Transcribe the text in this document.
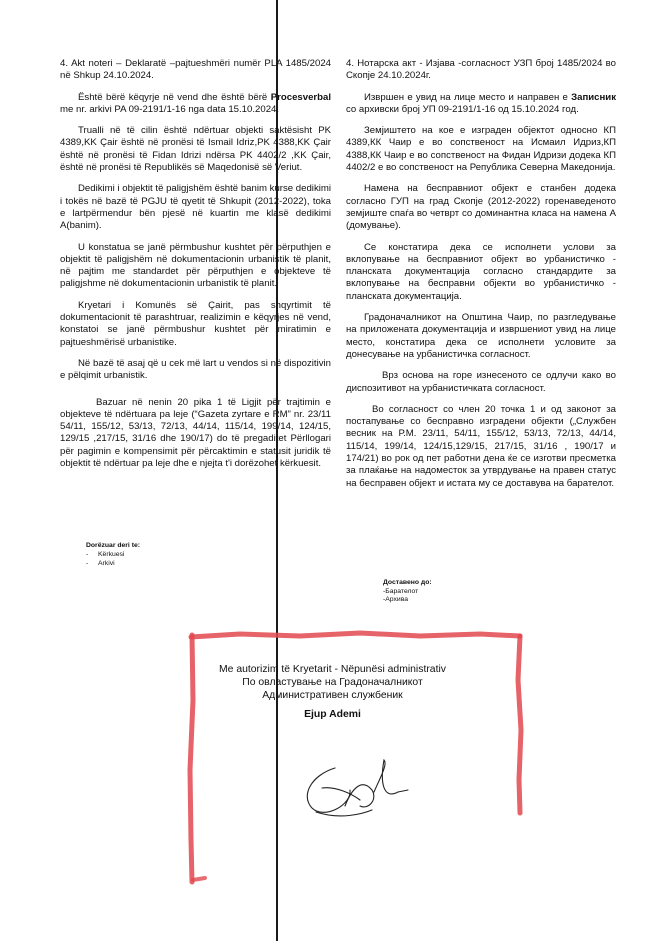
4. Akt noteri – Deklaratë –pajtueshmëri numër PLA 1485/2024 në Shkup 24.10.2024.

Është bërë këqyrje në vend dhe është bërë Procesverbal me nr. arkivi PA 09-2191/1-16 nga data 15.10.2024.

Trualli në të cilin është ndërtuar objekti saktësisht PK 4389,KK Çair është në pronësi të Ismail Idriz,PK 4388,KK Çair është në pronësi të Fidan Idrizi ndërsa PK 4402/2 ,KK Çair, është në pronësi të Republikës së Maqedonisë së Veriut.

Dedikimi i objektit të paligjshëm është banim kurse dedikimi i tokës në bazë të PGJU të qyetit të Shkupit (2012-2022), toka e lartpërmendur bën pjesë në kuartin me klasë dedikimi A(banim).

U konstatua se janë përmbushur kushtet për përputhjen e objektit të paligjshëm në dokumentacionin urbanistik të planit, në pajtim me standardet për përputhjen e objekteve të paligjshme në dokumentacionin urbanistik të planit.

Kryetari i Komunës së Çairit, pas shqyrtimit të dokumentacionit të parashtruar, realizimin e këqyrjes në vend, konstatoi se janë përmbushur kushtet për miratimin e pajtueshmërisë urbanistike.

Në bazë të asaj që u cek më lart u vendos si në dispozitivin e pëlqimit urbanistik.

Bazuar në nenin 20 pika 1 të Ligjit për trajtimin e objekteve të ndërtuara pa leje (“Gazeta zyrtare e RM” nr. 23/11 54/11, 155/12, 53/13, 72/13, 44/14, 115/14, 199/14, 124/15, 129/15 ,217/15, 31/16 dhe 190/17) do të pregaditet Përllogari për pagimin e kompensimit për përcaktimin e statusit juridik të objektit të ndërtuar pa leje dhe e njejta t'i dorëzohet kërkuesit.

Dorëzuar deri te:
- Kërkuesi
- Arkivi

4. Нотарска акт - Изјава -согласност УЗП број 1485/2024 во Скопје 24.10.2024г.

Извршен е увид на лице место и направен е Записник со архивски број УП 09-2191/1-16 од 15.10.2024 год.

Земјиштето на кое е изграден објектот односно КП 4389,КК Чаир е во сопственост на Исмаил Идриз,КП 4388,КК Чаир е во сопственост на Фидан Идризи додека КП 4402/2 е во сопственост на Република Северна Македонија.

Намена на бесправниот објект е станбен додека согласно ГУП на град Скопје (2012-2022) горенаведеното земјиште спаѓа во четврт со доминантна класа на намена А (домување).

Се констатира дека се исполнети услови за вклопување на бесправниот објект во урбанистичко - планската документација согласно стандардите за вклопување на бесправни објекти во урбанистичко - планската документација.

Градоначалникот на Општина Чаир, по разгледување на приложената документација и извршениот увид на лице место, констатира дека се исполнети условите за донесување на урбанистичка согласност.

Врз основа на горе изнесеното се одлучи како во диспозитивот на урбанистичката согласност.

Во согласност со член 20 точка 1 и од законот за постапување со бесправно изградени објекти („Службен весник на Р.М. 23/11, 54/11, 155/12, 53/13, 72/13, 44/14, 115/14, 199/14, 124/15,129/15, 217/15, 31/16 , 190/17 и 174/21) во рок од пет работни дена ќе се изготви пресметка за плаќање на надоместок за утврдување на правен статус на бесправен објект и истата му се доставува на барателот.

Доставено до:
-Барателот
-Архива
Me autorizim të Kryetarit - Nëpunësi administrativ
По овластување на Градоначалникот
Административен службеник
Ejup Ademi
